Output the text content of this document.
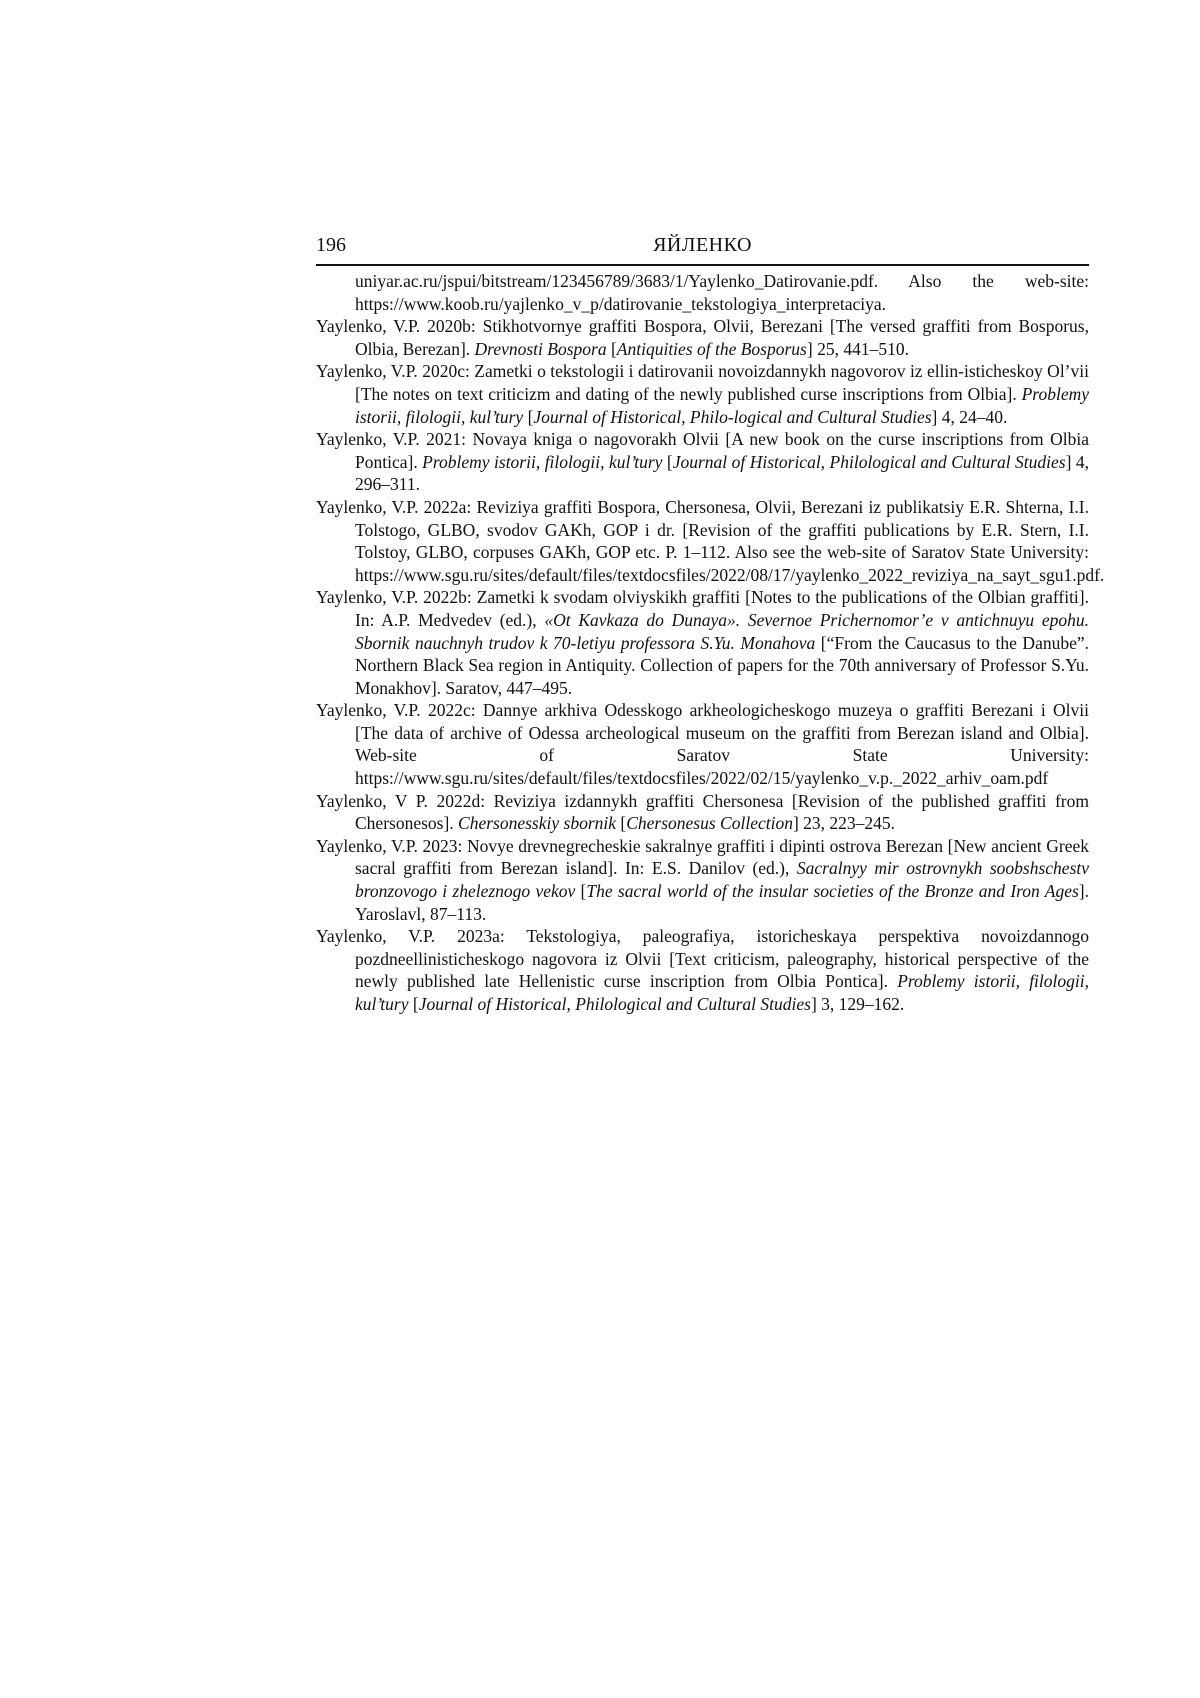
196	ЯЙЛЕНКО
uniyar.ac.ru/jspui/bitstream/123456789/3683/1/Yaylenko_Datirovanie.pdf. Also the web-site: https://www.koob.ru/yajlenko_v_p/datirovanie_tekstologiya_interpretaciya.
Yaylenko, V.P. 2020b: Stikhotvornye graffiti Bospora, Olvii, Berezani [The versed graffiti from Bosporus, Olbia, Berezan]. Drevnosti Bospora [Antiquities of the Bosporus] 25, 441–510.
Yaylenko, V.P. 2020c: Zametki o tekstologii i datirovanii novoizdannykh nagovorov iz ellin-isticheskoy Ol’vii [The notes on text criticizm and dating of the newly published curse inscriptions from Olbia]. Problemy istorii, filologii, kul’tury [Journal of Historical, Philo-logical and Cultural Studies] 4, 24–40.
Yaylenko, V.P. 2021: Novaya kniga o nagovorakh Olvii [A new book on the curse inscriptions from Olbia Pontica]. Problemy istorii, filologii, kul’tury [Journal of Historical, Philological and Cultural Studies] 4, 296–311.
Yaylenko, V.P. 2022a: Reviziya graffiti Bospora, Chersonesa, Olvii, Berezani iz publikatsiy E.R. Shterna, I.I. Tolstogo, GLBO, svodov GAKh, GOP i dr. [Revision of the graffiti publications by E.R. Stern, I.I. Tolstoy, GLBO, corpuses GAKh, GOP etc. P. 1–112. Also see the web-site of Saratov State University: https://www.sgu.ru/sites/default/files/textdocsfiles/2022/08/17/yaylenko_2022_reviziya_na_sayt_sgu1.pdf.
Yaylenko, V.P. 2022b: Zametki k svodam olviyskikh graffiti [Notes to the publications of the Olbian graffiti]. In: A.P. Medvedev (ed.), «Ot Kavkaza do Dunaya». Severnoe Prichernomor’e v antichnuyu epohu. Sbornik nauchnyh trudov k 70-letiyu professora S.Yu. Monahova [“From the Caucasus to the Danube”. Northern Black Sea region in Antiquity. Collection of papers for the 70th anniversary of Professor S.Yu. Monakhov]. Saratov, 447–495.
Yaylenko, V.P. 2022c: Dannye arkhiva Odesskogo arkheologicheskogo muzeya o graffiti Berezani i Olvii [The data of archive of Odessa archeological museum on the graffiti from Berezan island and Olbia]. Web-site of Saratov State University: https://www.sgu.ru/sites/default/files/textdocsfiles/2022/02/15/yaylenko_v.p._2022_arhiv_oam.pdf
Yaylenko, V P. 2022d: Reviziya izdannykh graffiti Chersonesa [Revision of the published graffiti from Chersonesos]. Chersonesskiy sbornik [Chersonesus Collection] 23, 223–245.
Yaylenko, V.P. 2023: Novye drevnegrecheskie sakralnye graffiti i dipinti ostrova Berezan [New ancient Greek sacral graffiti from Berezan island]. In: E.S. Danilov (ed.), Sacralnyy mir ostrovnykh soobshschestv bronzovogo i zheleznogo vekov [The sacral world of the insular societies of the Bronze and Iron Ages]. Yaroslavl, 87–113.
Yaylenko, V.P. 2023a: Tekstologiya, paleografiya, istoricheskaya perspektiva novoizdannogo pozdneellinisticheskogo nagovora iz Olvii [Text criticism, paleography, historical perspective of the newly published late Hellenistic curse inscription from Olbia Pontica]. Problemy istorii, filologii, kul’tury [Journal of Historical, Philological and Cultural Studies] 3, 129–162.
